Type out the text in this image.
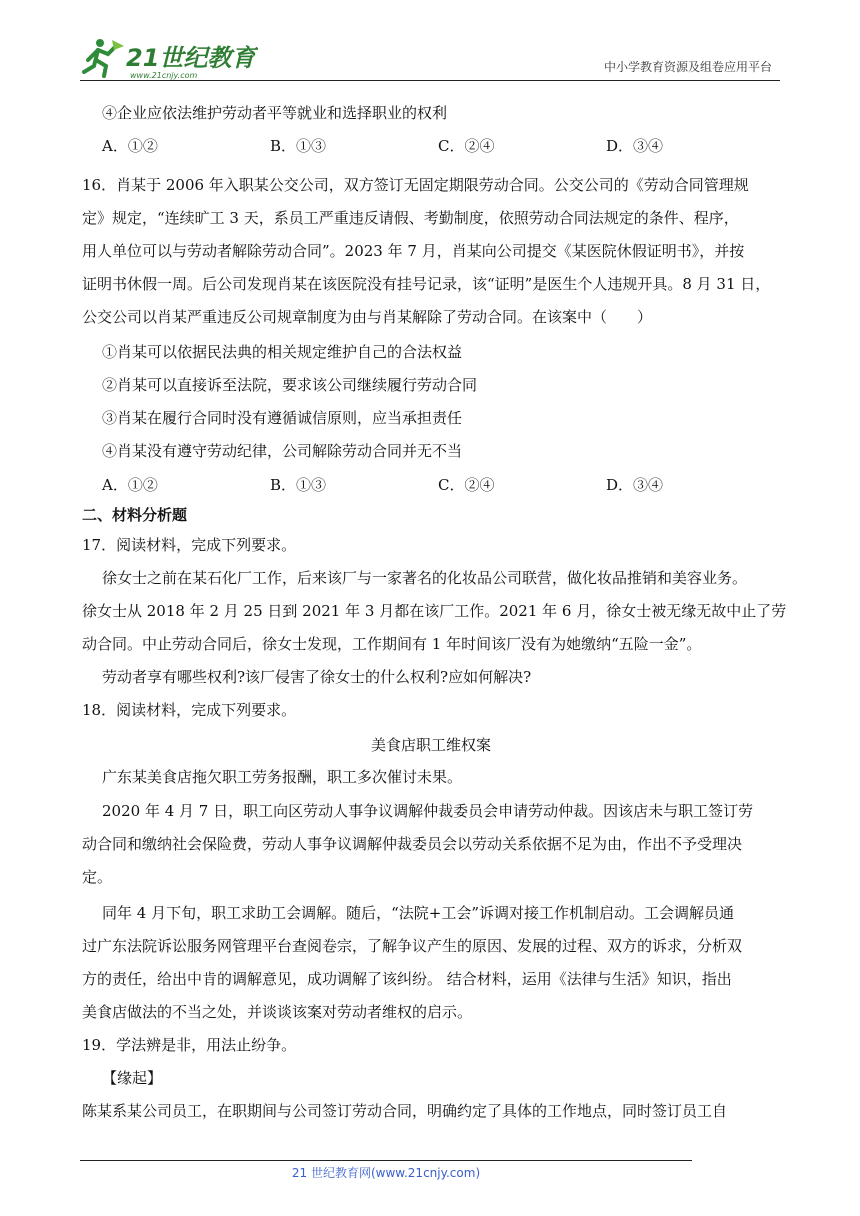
21世纪教育
www.21cnjy.com
中小学教育资源及组卷应用平台
④企业应依法维护劳动者平等就业和选择职业的权利
A．①②	B．①③	C．②④	D．③④
16．肖某于 2006 年入职某公交公司，双方签订无固定期限劳动合同。公交公司的《劳动合同管理规
定》规定，“连续旷工 3 天，系员工严重违反请假、考勤制度，依照劳动合同法规定的条件、程序，
用人单位可以与劳动者解除劳动合同”。2023 年 7 月，肖某向公司提交《某医院休假证明书》，并按
证明书休假一周。后公司发现肖某在该医院没有挂号记录，该“证明”是医生个人违规开具。8 月 31 日，
公交公司以肖某严重违反公司规章制度为由与肖某解除了劳动合同。在该案中（　　）
①肖某可以依据民法典的相关规定维护自己的合法权益
②肖某可以直接诉至法院，要求该公司继续履行劳动合同
③肖某在履行合同时没有遵循诚信原则，应当承担责任
④肖某没有遵守劳动纪律，公司解除劳动合同并无不当
A．①②	B．①③	C．②④	D．③④
二、材料分析题
17．阅读材料，完成下列要求。
徐女士之前在某石化厂工作，后来该厂与一家著名的化妆品公司联营，做化妆品推销和美容业务。
徐女士从 2018 年 2 月 25 日到 2021 年 3 月都在该厂工作。2021 年 6 月，徐女士被无缘无故中止了劳
动合同。中止劳动合同后，徐女士发现，工作期间有 1 年时间该厂没有为她缴纳“五险一金”。
劳动者享有哪些权利?该厂侵害了徐女士的什么权利?应如何解决?
18．阅读材料，完成下列要求。
美食店职工维权案
广东某美食店拖欠职工劳务报酬，职工多次催讨未果。
2020 年 4 月 7 日，职工向区劳动人事争议调解仲裁委员会申请劳动仲裁。因该店未与职工签订劳
动合同和缴纳社会保险费，劳动人事争议调解仲裁委员会以劳动关系依据不足为由，作出不予受理决
定。
同年 4 月下旬，职工求助工会调解。随后，“法院+工会”诉调对接工作机制启动。工会调解员通
过广东法院诉讼服务网管理平台查阅卷宗，了解争议产生的原因、发展的过程、双方的诉求，分析双
方的责任，给出中肯的调解意见，成功调解了该纠纷。 结合材料，运用《法律与生活》知识，指出
美食店做法的不当之处，并谈谈该案对劳动者维权的启示。
19．学法辨是非，用法止纷争。
【缘起】
陈某系某公司员工，在职期间与公司签订劳动合同，明确约定了具体的工作地点，同时签订员工自
21 世纪教育网(www.21cnjy.com)
